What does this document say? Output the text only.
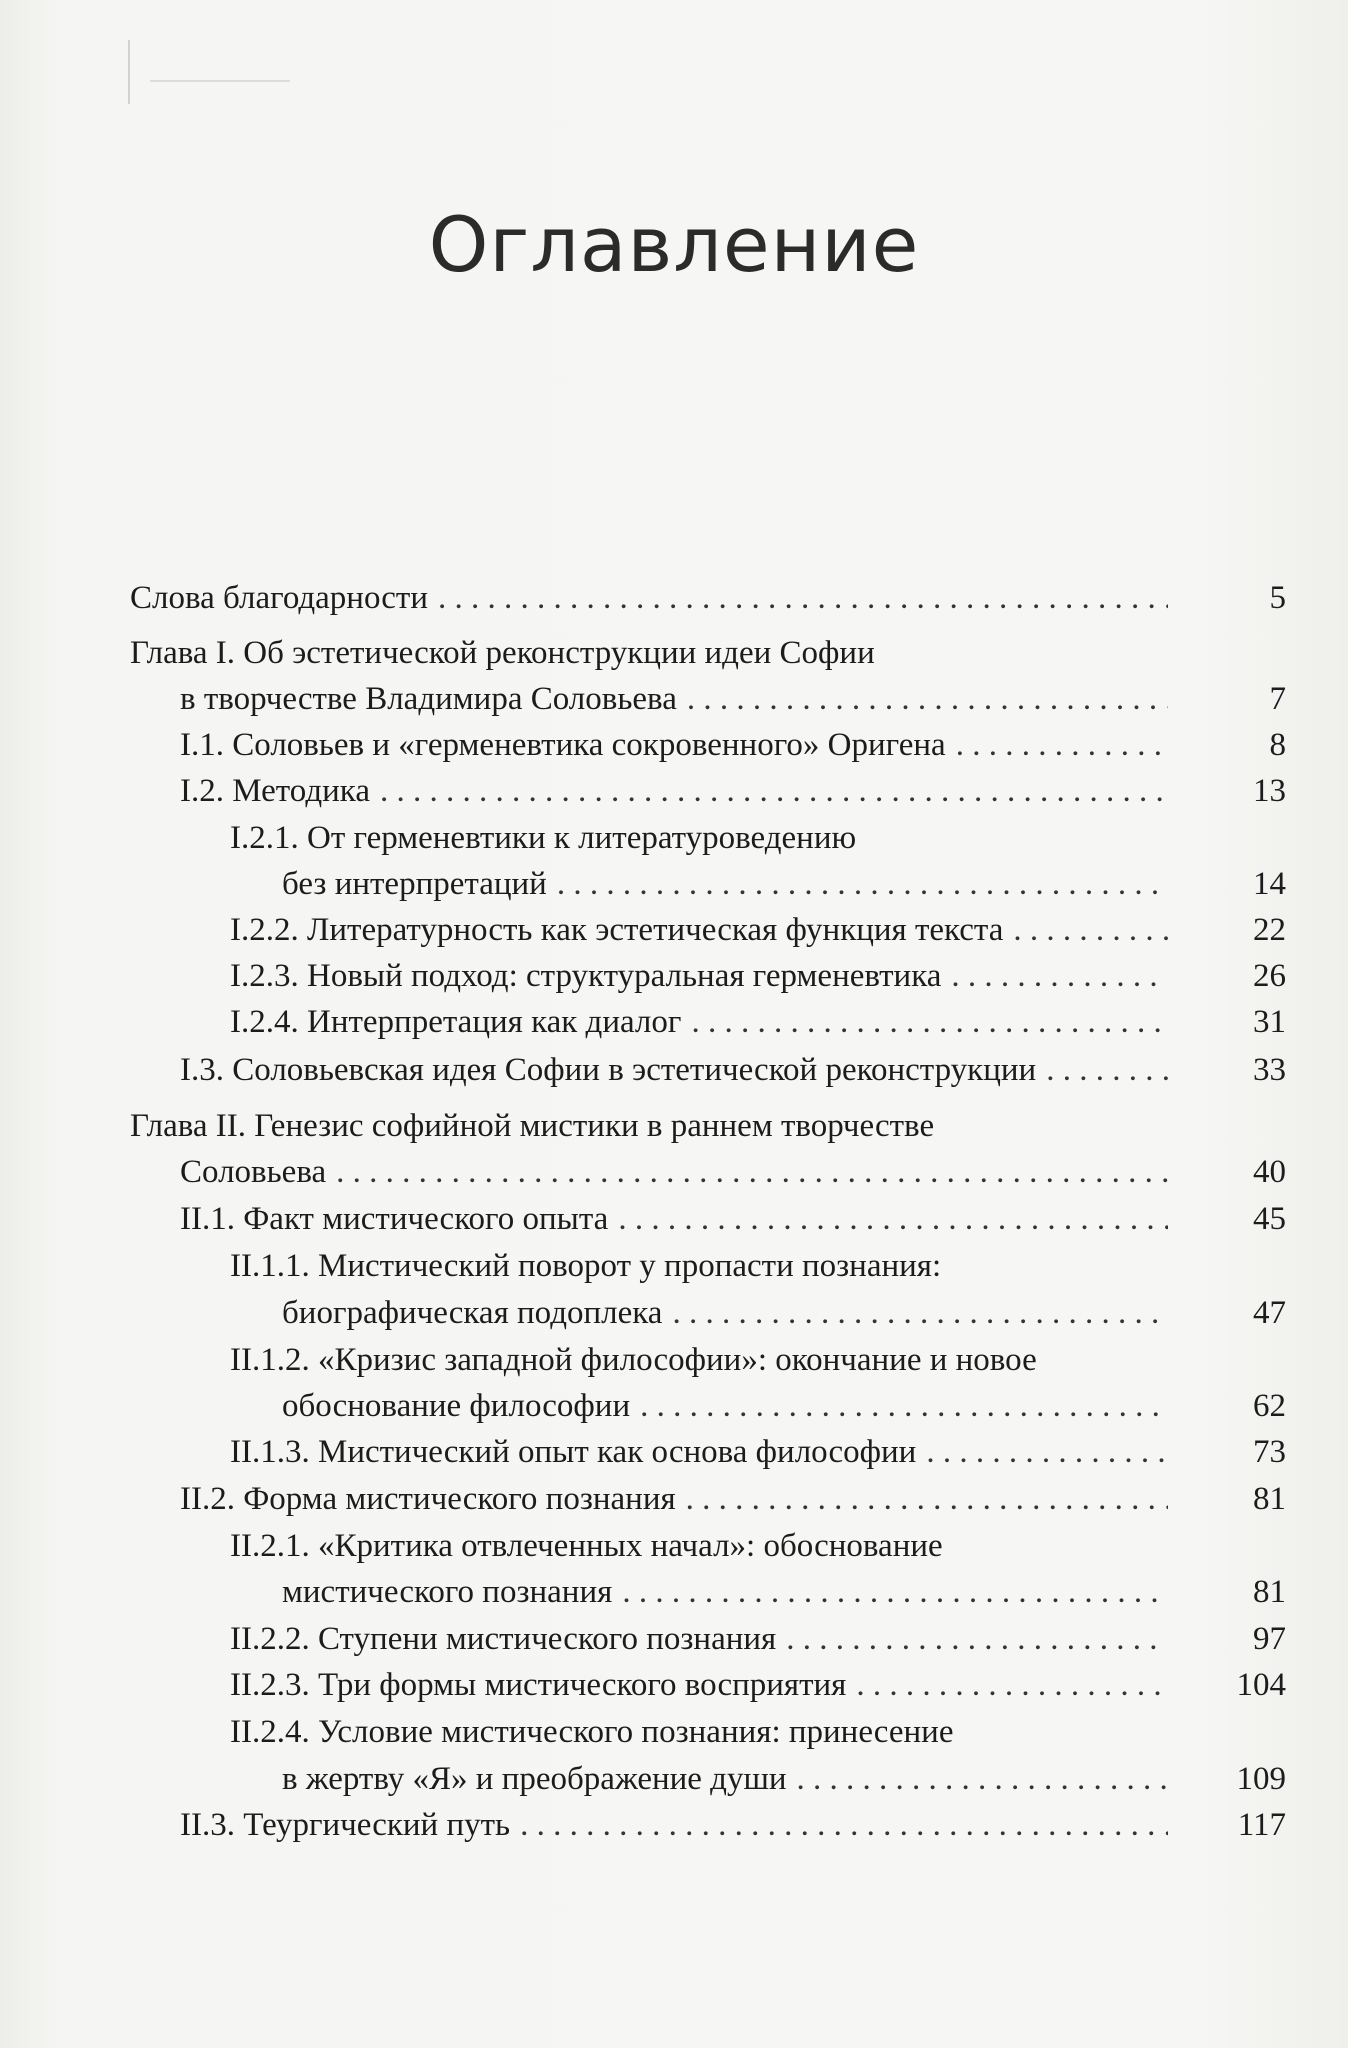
Оглавление
Слова благодарности . . .	5
Глава I. Об эстетической реконструкции идеи Софии
в творчестве Владимира Соловьева . . .	7
I.1. Соловьев и «герменевтика сокровенного» Оригена . . .	8
I.2. Методика . . .	13
I.2.1. От герменевтики к литературоведению
без интерпретаций . . .	14
I.2.2. Литературность как эстетическая функция текста . . .	22
I.2.3. Новый подход: структуральная герменевтика . . .	26
I.2.4. Интерпретация как диалог . . .	31
I.3. Соловьевская идея Софии в эстетической реконструкции . . .	33
Глава II. Генезис софийной мистики в раннем творчестве
Соловьева . . .	40
II.1. Факт мистического опыта . . .	45
II.1.1. Мистический поворот у пропасти познания:
биографическая подоплека . . .	47
II.1.2. «Кризис западной философии»: окончание и новое
обоснование философии . . .	62
II.1.3. Мистический опыт как основа философии . . .	73
II.2. Форма мистического познания . . .	81
II.2.1. «Критика отвлеченных начал»: обоснование
мистического познания . . .	81
II.2.2. Ступени мистического познания . . .	97
II.2.3. Три формы мистического восприятия . . .	104
II.2.4. Условие мистического познания: принесение
в жертву «Я» и преображение души . . .	109
II.3. Теургический путь . . .	117
